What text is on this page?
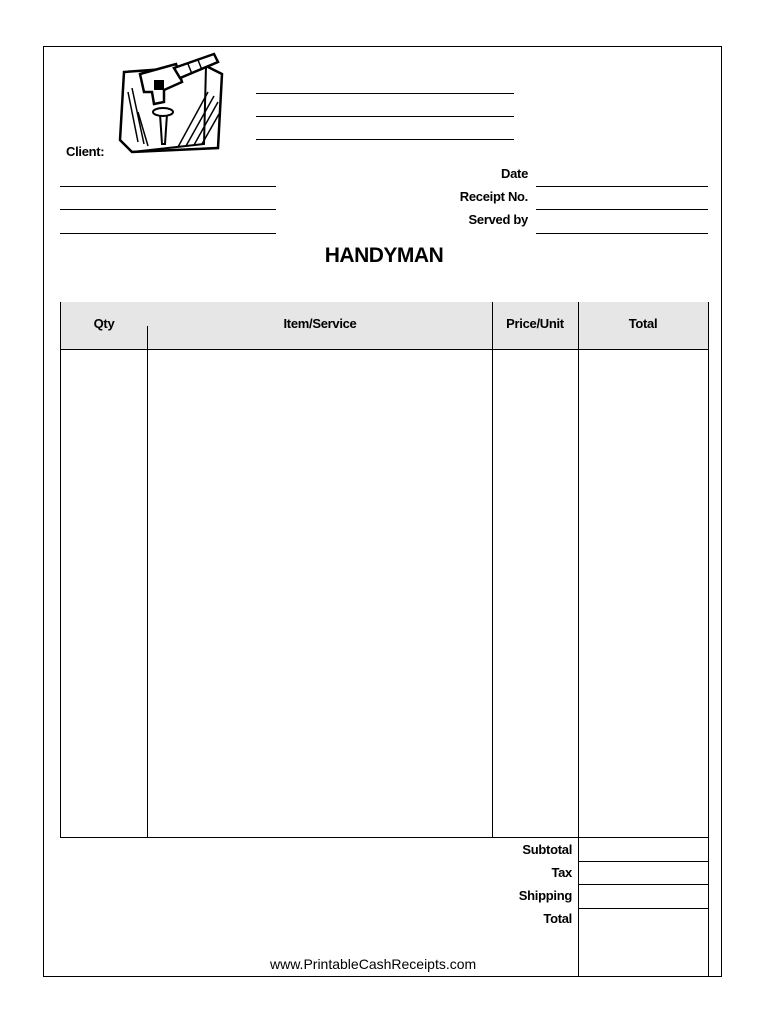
Client:
Date
Receipt No.
Served by
HANDYMAN
Qty	Item/Service	Price/Unit	Total
Subtotal
Tax
Shipping
Total
www.PrintableCashReceipts.com
